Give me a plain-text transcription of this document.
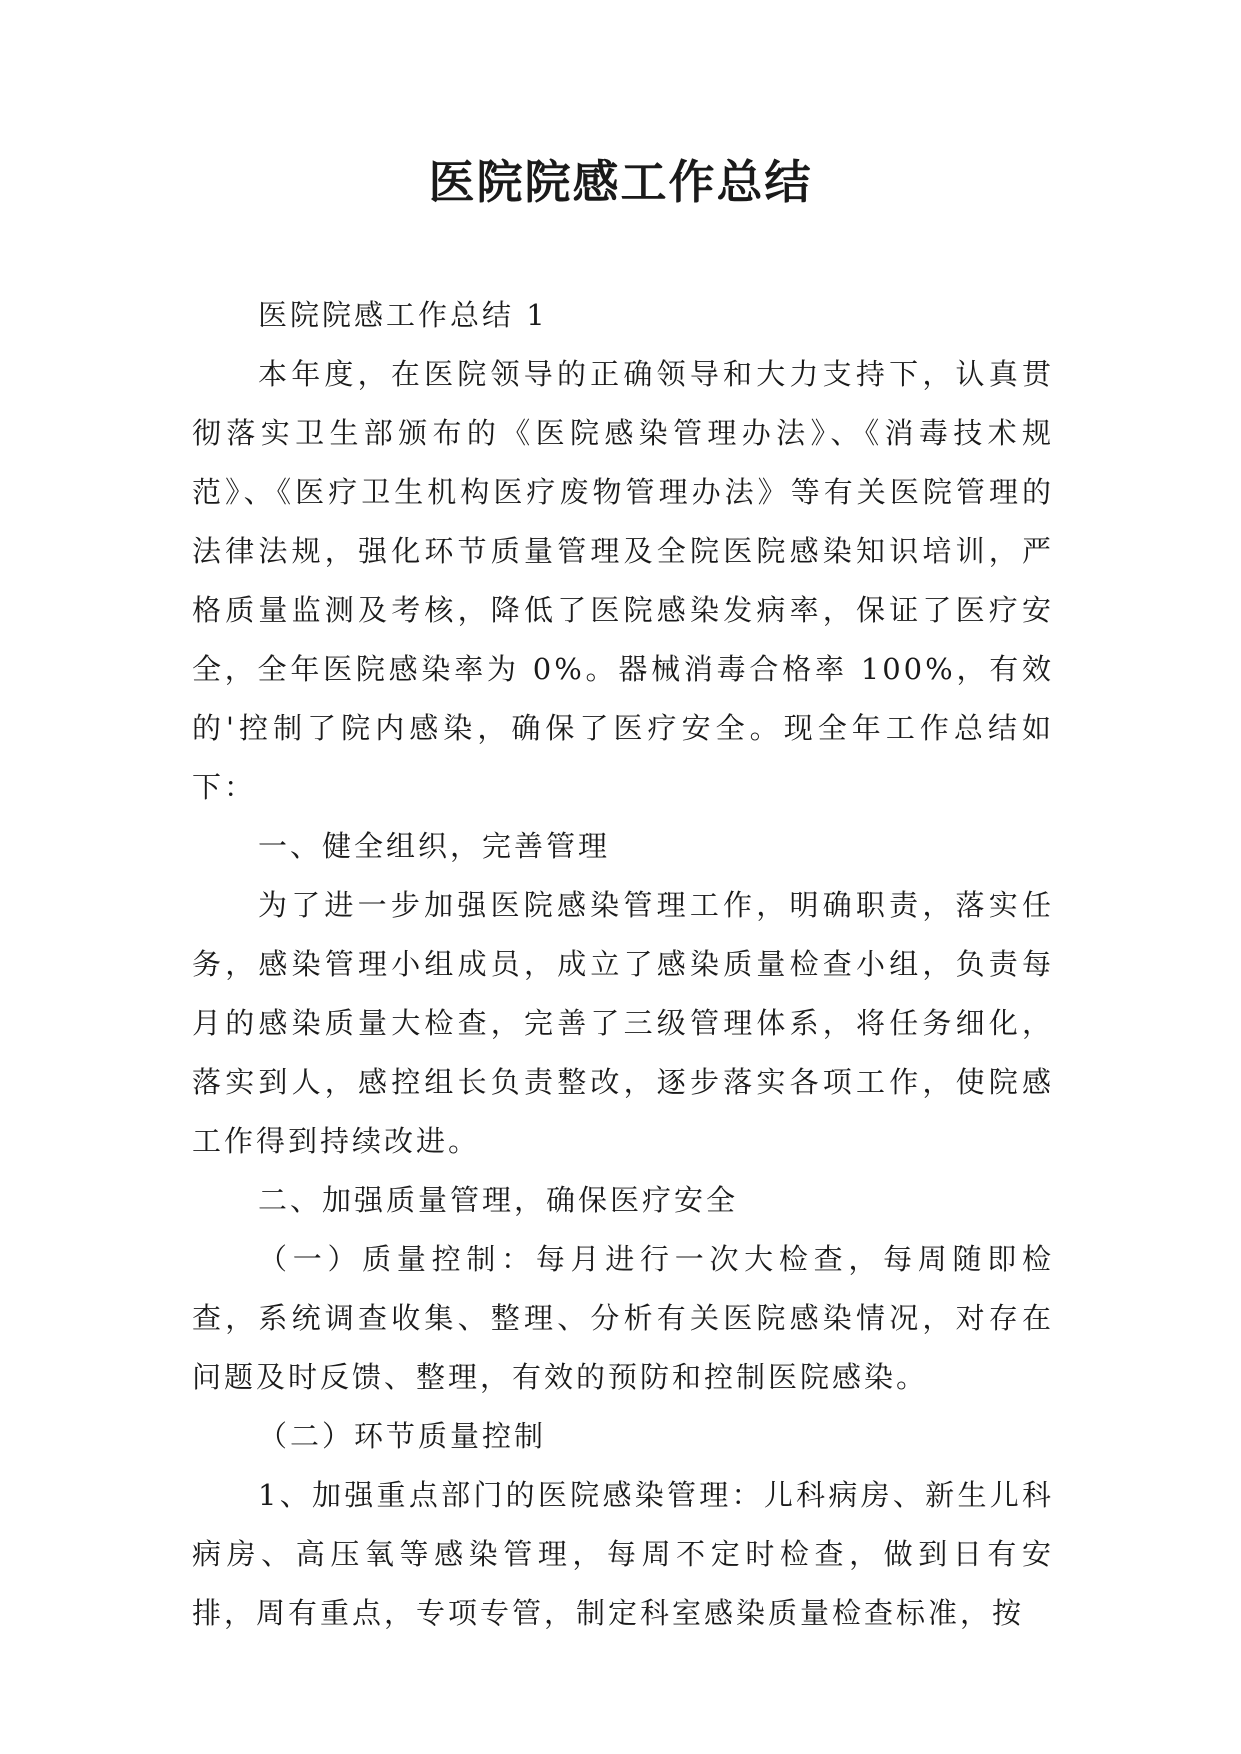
医院院感工作总结

医院院感工作总结 1

本年度，在医院领导的正确领导和大力支持下，认真贯彻落实卫生部颁布的《医院感染管理办法》、《消毒技术规范》、《医疗卫生机构医疗废物管理办法》等有关医院管理的法律法规，强化环节质量管理及全院医院感染知识培训，严格质量监测及考核，降低了医院感染发病率，保证了医疗安全，全年医院感染率为 0%。器械消毒合格率 100%，有效的'控制了院内感染，确保了医疗安全。现全年工作总结如下：

一、健全组织，完善管理

为了进一步加强医院感染管理工作，明确职责，落实任务，感染管理小组成员，成立了感染质量检查小组，负责每月的感染质量大检查，完善了三级管理体系，将任务细化，落实到人，感控组长负责整改，逐步落实各项工作，使院感工作得到持续改进。

二、加强质量管理，确保医疗安全

（一）质量控制：每月进行一次大检查，每周随即检查，系统调查收集、整理、分析有关医院感染情况，对存在问题及时反馈、整理，有效的预防和控制医院感染。

（二）环节质量控制

1、加强重点部门的医院感染管理：儿科病房、新生儿科病房、高压氧等感染管理，每周不定时检查，做到日有安排，周有重点，专项专管，制定科室感染质量检查标准，按
